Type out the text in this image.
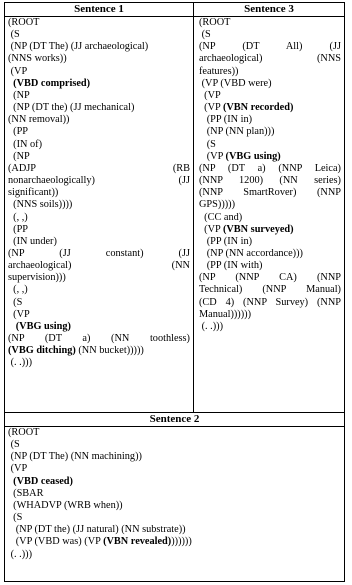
Sentence 1
(ROOT
(S
(NP (DT The) (JJ archaeological)
(NNS works))
(VP
(VBD comprised)
(NP
(NP (DT the) (JJ mechanical)
(NN removal))
(PP
(IN of)
(NP
(ADJP (RB
nonarchaeologically) (JJ
significant))
(NNS soils))))
(, ,)
(PP
(IN under)
(NP (JJ constant) (JJ
archaeological) (NN
supervision)))
(, ,)
(S
(VP
(VBG using)
(NP (DT a) (NN toothless)
(VBG ditching) (NN bucket)))))
(. .)))
Sentence 3
(ROOT
(S
(NP (DT All) (JJ
archaeological) (NNS
features))
(VP (VBD were)
(VP
(VP (VBN recorded)
(PP (IN in)
(NP (NN plan)))
(S
(VP (VBG using)
(NP (DT a) (NNP Leica)
(NNP 1200) (NN series)
(NNP SmartRover) (NNP
GPS)))))
(CC and)
(VP (VBN surveyed)
(PP (IN in)
(NP (NN accordance)))
(PP (IN with)
(NP (NNP CA) (NNP
Technical) (NNP Manual)
(CD 4) (NNP Survey) (NNP
Manual))))))
(. .)))
Sentence 2
(ROOT
(S
(NP (DT The) (NN machining))
(VP
(VBD ceased)
(SBAR
(WHADVP (WRB when))
(S
(NP (DT the) (JJ natural) (NN substrate))
(VP (VBD was) (VP (VBN revealed)))))))
(. .)))
